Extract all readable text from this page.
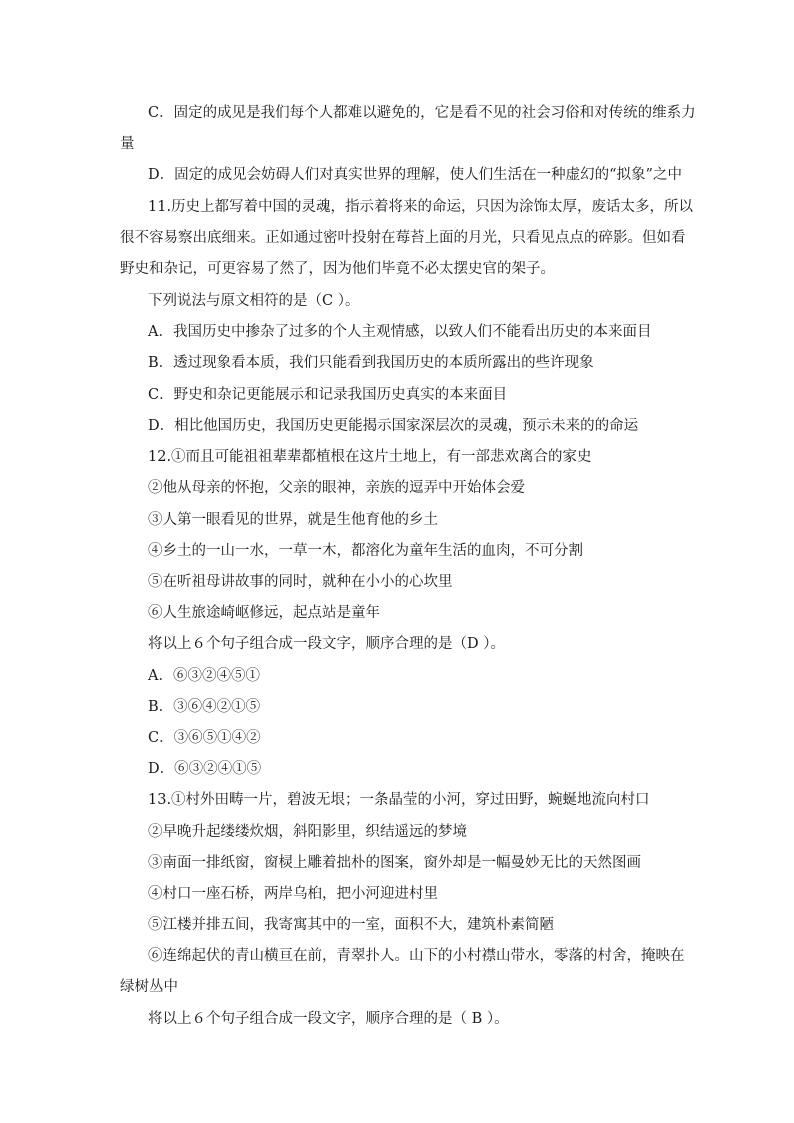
C．固定的成见是我们每个人都难以避免的，它是看不见的社会习俗和对传统的维系力
量
D．固定的成见会妨碍人们对真实世界的理解，使人们生活在一种虚幻的“拟象”之中
11.历史上都写着中国的灵魂，指示着将来的命运，只因为涂饰太厚，废话太多，所以
很不容易察出底细来。正如通过密叶投射在莓苔上面的月光，只看见点点的碎影。但如看
野史和杂记，可更容易了然了，因为他们毕竟不必太摆史官的架子。
下列说法与原文相符的是（C ）。
A．我国历史中掺杂了过多的个人主观情感，以致人们不能看出历史的本来面目
B．透过现象看本质，我们只能看到我国历史的本质所露出的些许现象
C．野史和杂记更能展示和记录我国历史真实的本来面目
D．相比他国历史，我国历史更能揭示国家深层次的灵魂，预示未来的的命运
12.①而且可能祖祖辈辈都植根在这片土地上，有一部悲欢离合的家史
②他从母亲的怀抱，父亲的眼神，亲族的逗弄中开始体会爱
③人第一眼看见的世界，就是生他育他的乡土
④乡土的一山一水，一草一木，都溶化为童年生活的血肉，不可分割
⑤在听祖母讲故事的同时，就种在小小的心坎里
⑥人生旅途崎岖修远，起点站是童年
将以上６个句子组合成一段文字，顺序合理的是（D ）。
A．⑥③②④⑤①
B．③⑥④②①⑤
C．③⑥⑤①④②
D．⑥③②④①⑤
13.①村外田畴一片，碧波无垠；一条晶莹的小河，穿过田野，蜿蜒地流向村口
②早晚升起缕缕炊烟，斜阳影里，织结遥远的梦境
③南面一排纸窗，窗棂上雕着拙朴的图案，窗外却是一幅曼妙无比的天然图画
④村口一座石桥，两岸乌桕，把小河迎进村里
⑤江楼并排五间，我寄寓其中的一室，面积不大，建筑朴素简陋
⑥连绵起伏的青山横亘在前，青翠扑人。山下的小村襟山带水，零落的村舍，掩映在
绿树丛中
将以上６个句子组合成一段文字，顺序合理的是（ B ）。
